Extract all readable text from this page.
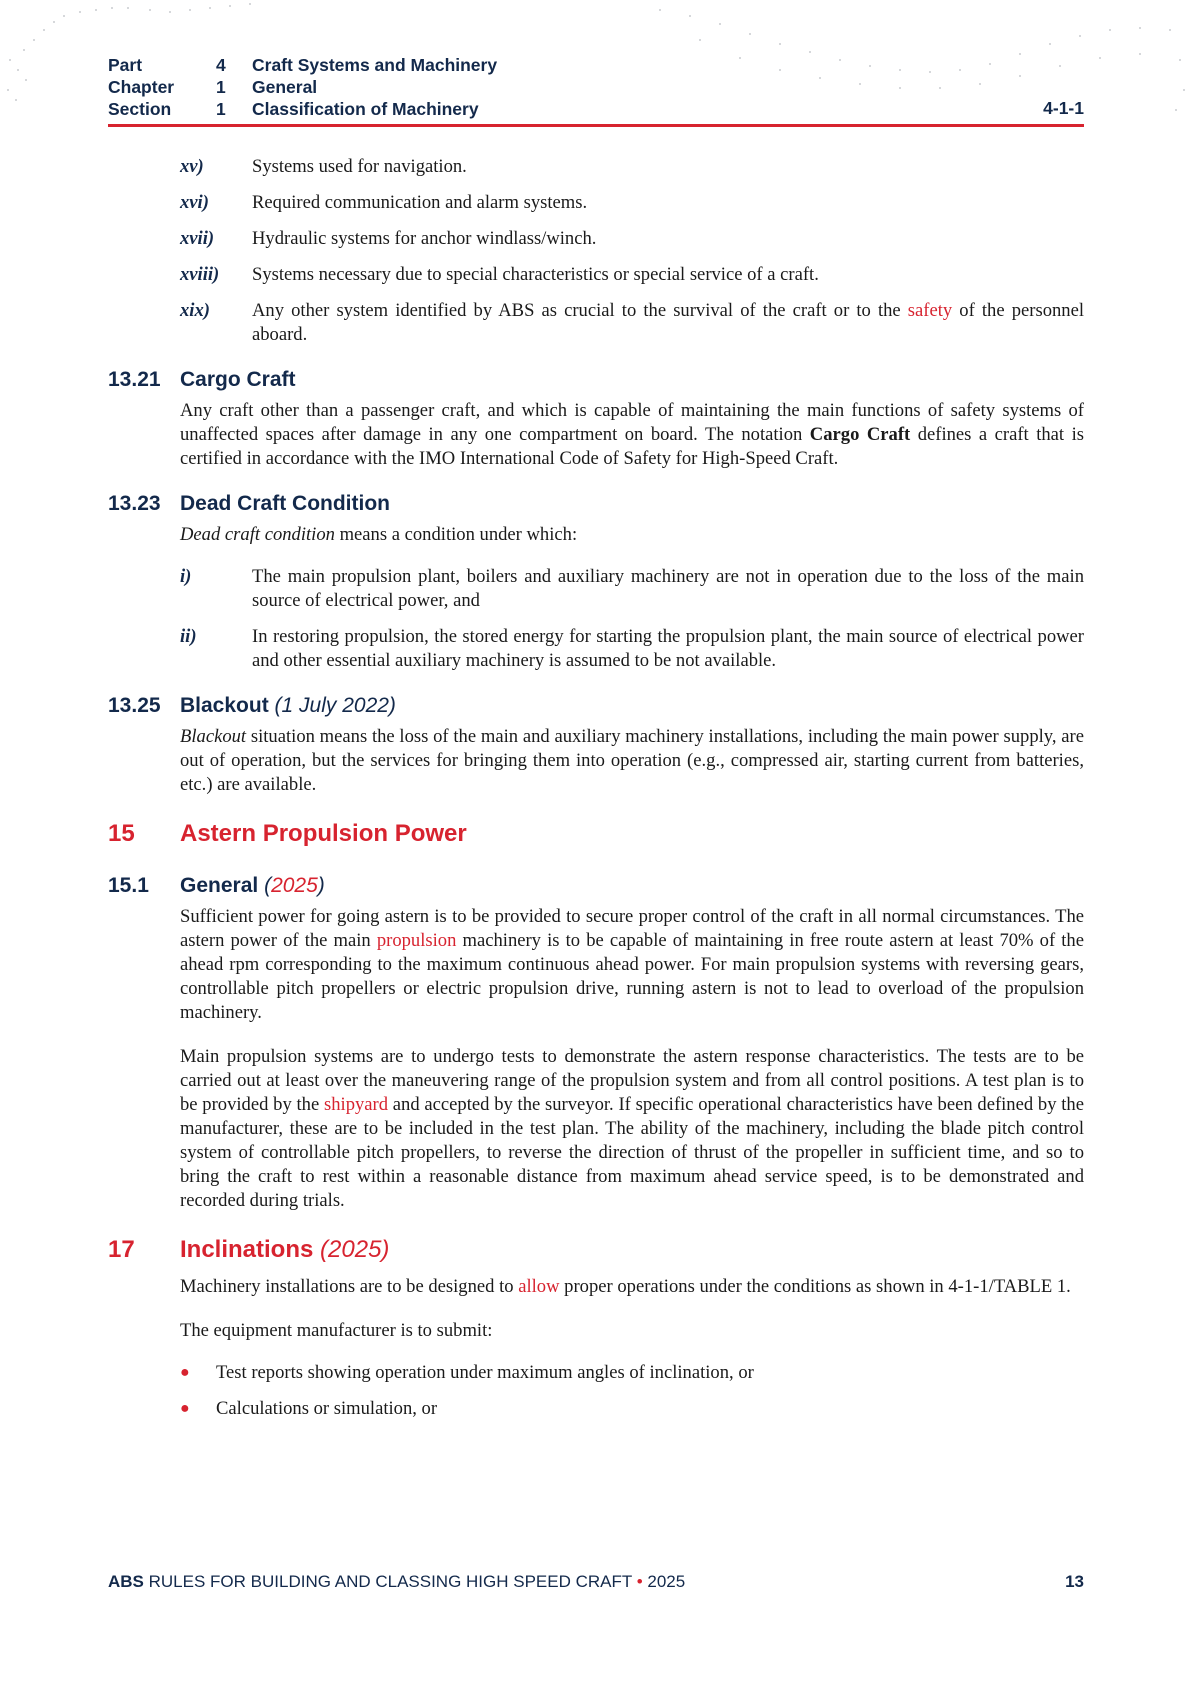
Part	4	Craft Systems and Machinery
Chapter	1	General
Section	1	Classification of Machinery	4-1-1
xv)	Systems used for navigation.

xvi)	Required communication and alarm systems.

xvii)	Hydraulic systems for anchor windlass/winch.

xviii)	Systems necessary due to special characteristics or special service of a craft.

xix)	Any other system identified by ABS as crucial to the survival of the craft or to the safety of the personnel aboard.

13.21 Cargo Craft

Any craft other than a passenger craft, and which is capable of maintaining the main functions of safety systems of unaffected spaces after damage in any one compartment on board. The notation Cargo Craft defines a craft that is certified in accordance with the IMO International Code of Safety for High-Speed Craft.

13.23 Dead Craft Condition

Dead craft condition means a condition under which:

i)	The main propulsion plant, boilers and auxiliary machinery are not in operation due to the loss of the main source of electrical power, and

ii)	In restoring propulsion, the stored energy for starting the propulsion plant, the main source of electrical power and other essential auxiliary machinery is assumed to be not available.

13.25 Blackout (1 July 2022)

Blackout situation means the loss of the main and auxiliary machinery installations, including the main power supply, are out of operation, but the services for bringing them into operation (e.g., compressed air, starting current from batteries, etc.) are available.

15	Astern Propulsion Power
15.1	General (2025)

Sufficient power for going astern is to be provided to secure proper control of the craft in all normal circumstances. The astern power of the main propulsion machinery is to be capable of maintaining in free route astern at least 70% of the ahead rpm corresponding to the maximum continuous ahead power. For main propulsion systems with reversing gears, controllable pitch propellers or electric propulsion drive, running astern is not to lead to overload of the propulsion machinery.

Main propulsion systems are to undergo tests to demonstrate the astern response characteristics. The tests are to be carried out at least over the maneuvering range of the propulsion system and from all control positions. A test plan is to be provided by the shipyard and accepted by the surveyor. If specific operational characteristics have been defined by the manufacturer, these are to be included in the test plan. The ability of the machinery, including the blade pitch control system of controllable pitch propellers, to reverse the direction of thrust of the propeller in sufficient time, and so to bring the craft to rest within a reasonable distance from maximum ahead service speed, is to be demonstrated and recorded during trials.

17	Inclinations (2025)

Machinery installations are to be designed to allow proper operations under the conditions as shown in 4-1-1/TABLE 1.

The equipment manufacturer is to submit:

●	Test reports showing operation under maximum angles of inclination, or

●	Calculations or simulation, or

ABS RULES FOR BUILDING AND CLASSING HIGH SPEED CRAFT • 2025	13
